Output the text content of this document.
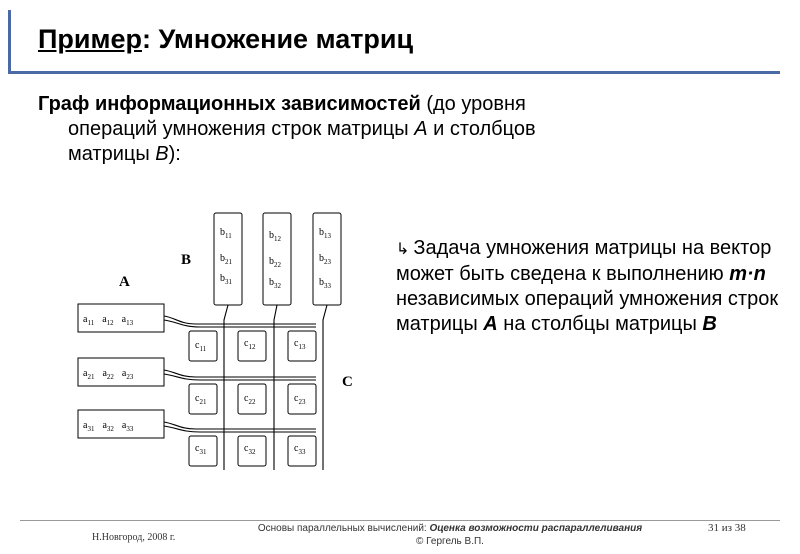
Пример: Умножение матриц

Граф информационных зависимостей (до уровня
операций умножения строк матрицы A и столбцов
матрицы B):

A
B
C
$a_{11}$ $a_{12}$ $a_{13}$
$a_{21}$ $a_{22}$ $a_{23}$
$a_{31}$ $a_{32}$ $a_{33}$
$b_{11}$
$b_{21}$
$b_{31}$
$b_{12}$
$b_{22}$
$b_{32}$
$b_{13}$
$b_{23}$
$b_{33}$
$c_{11}$	$c_{12}$	$c_{13}$
$c_{21}$	$c_{22}$	$c_{23}$
$c_{31}$	$c_{32}$	$c_{33}$

↳ Задача умножения матрицы на вектор может быть сведена к выполнению m·n независимых операций умножения строк матрицы A на столбцы матрицы B

Н.Новгород, 2008 г.
Основы параллельных вычислений: Оценка возможности распараллеливания
© Гергель В.П.
31 из 38
